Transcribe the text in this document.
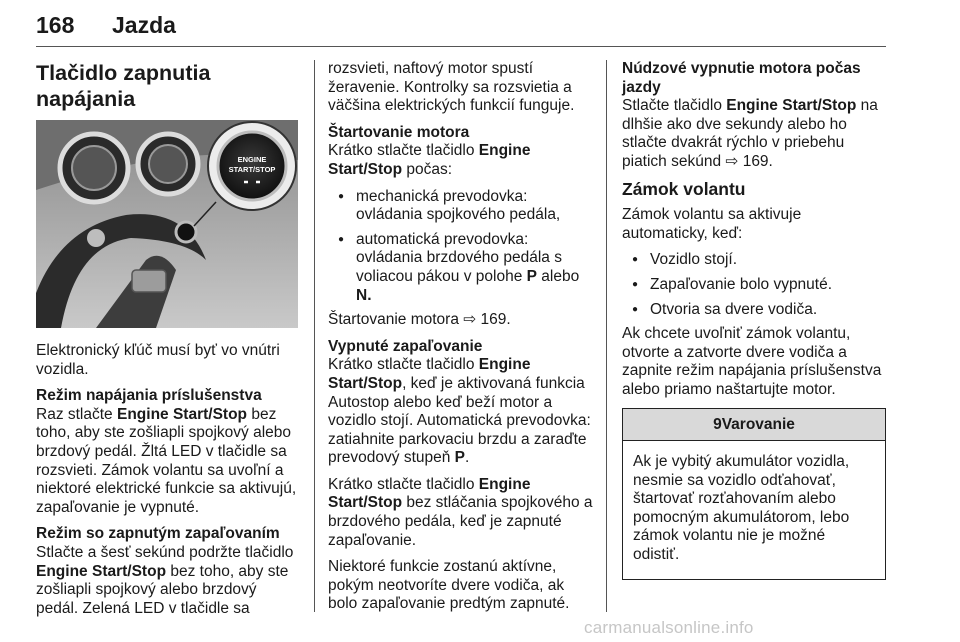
168 Jazda
Tlačidlo zapnutia napájania
ENGINE
START/STOP

Elektronický kľúč musí byť vo vnútri vozidla.

Režim napájania príslušenstva
Raz stlačte Engine Start/Stop bez toho, aby ste zošliapli spojkový alebo brzdový pedál. Žltá LED v tlačidle sa rozsvieti. Zámok volantu sa uvoľní a niektoré elektrické funkcie sa aktivujú, zapaľovanie je vypnuté.

Režim so zapnutým zapaľovaním
Stlačte a šesť sekúnd podržte tlačidlo Engine Start/Stop bez toho, aby ste zošliapli spojkový alebo brzdový pedál. Zelená LED v tlačidle sa

rozsvieti, naftový motor spustí žeravenie. Kontrolky sa rozsvietia a väčšina elektrických funkcií funguje.

Štartovanie motora
Krátko stlačte tlačidlo Engine Start/Stop počas:

● mechanická prevodovka: ovládania spojkového pedála,
● automatická prevodovka: ovládania brzdového pedála s voliacou pákou v polohe P alebo N.

Štartovanie motora ⇨ 169.

Vypnuté zapaľovanie
Krátko stlačte tlačidlo Engine Start/Stop, keď je aktivovaná funkcia Autostop alebo keď beží motor a vozidlo stojí. Automatická prevodovka: zatiahnite parkovaciu brzdu a zaraďte prevodový stupeň P.

Krátko stlačte tlačidlo Engine Start/Stop bez stláčania spojkového a brzdového pedála, keď je zapnuté zapaľovanie.

Niektoré funkcie zostanú aktívne, pokým neotvoríte dvere vodiča, ak bolo zapaľovanie predtým zapnuté.

Núdzové vypnutie motora počas jazdy
Stlačte tlačidlo Engine Start/Stop na dlhšie ako dve sekundy alebo ho stlačte dvakrát rýchlo v priebehu piatich sekúnd ⇨ 169.

Zámok volantu

Zámok volantu sa aktivuje automaticky, keď:

● Vozidlo stojí.
● Zapaľovanie bolo vypnuté.
● Otvoria sa dvere vodiča.

Ak chcete uvoľniť zámok volantu, otvorte a zatvorte dvere vodiča a zapnite režim napájania príslušenstva alebo priamo naštartujte motor.

9Varovanie
Ak je vybitý akumulátor vozidla, nesmie sa vozidlo odťahovať, štartovať rozťahovaním alebo pomocným akumulátorom, lebo zámok volantu nie je možné odistiť.
carmanualsonline.info
